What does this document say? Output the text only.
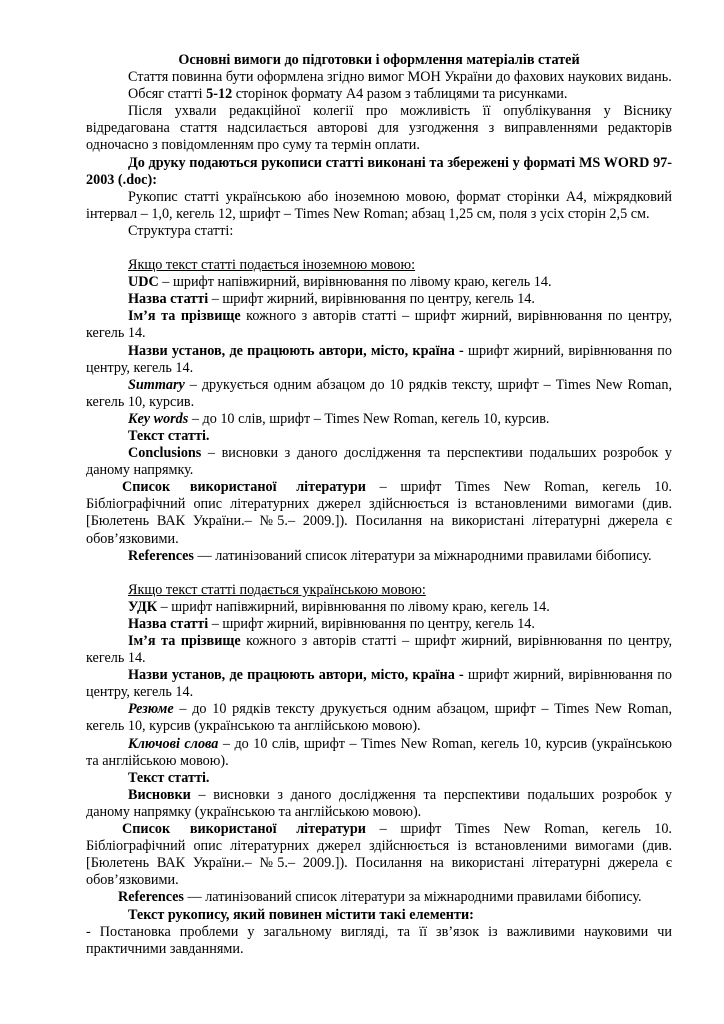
Основні вимоги до підготовки і оформлення матеріалів статей

Стаття повинна бути оформлена згідно вимог МОН України до фахових наукових видань.

Обсяг статті 5-12 сторінок формату А4 разом з таблицями та рисунками.

Після ухвали редакційної колегії про можливість її опублікування у Віснику відредагована стаття надсилається авторові для узгодження з виправленнями редакторів одночасно з повідомленням про суму та термін оплати.

До друку подаються рукописи статті виконані та збережені у форматі MS WORD 97-2003 (.doc):

Рукопис статті українською або іноземною мовою, формат сторінки А4, міжрядковий інтервал – 1,0, кегель 12, шрифт – Times New Roman; абзац 1,25 см, поля з усіх сторін 2,5 см.

Структура статті:

Якщо текст статті подається іноземною мовою:

UDC – шрифт напівжирний, вирівнювання по лівому краю, кегель 14.

Назва статті – шрифт жирний, вирівнювання по центру, кегель 14.

Ім’я та прізвище кожного з авторів статті – шрифт жирний, вирівнювання по центру, кегель 14.

Назви установ, де працюють автори, місто, країна - шрифт жирний, вирівнювання по центру, кегель 14.

Summary – друкується одним абзацом до 10 рядків тексту, шрифт – Times New Roman, кегель 10, курсив.

Key words – до 10 слів, шрифт – Times New Roman, кегель 10, курсив.

Текст статті.

Conclusions – висновки з даного дослідження та перспективи подальших розробок у даному напрямку.

Список використаної літератури – шрифт Times New Roman, кегель 10. Бібліографічний опис літературних джерел здійснюється із встановленими вимогами (див. [Бюлетень ВАК України.– №5.– 2009.]). Посилання на використані літературні джерела є обов’язковими.

References — латинізований список літератури за міжнародними правилами бібопису.

Якщо текст статті подається українською мовою:

УДК – шрифт напівжирний, вирівнювання по лівому краю, кегель 14.

Назва статті – шрифт жирний, вирівнювання по центру, кегель 14.

Ім’я та прізвище кожного з авторів статті – шрифт жирний, вирівнювання по центру, кегель 14.

Назви установ, де працюють автори, місто, країна - шрифт жирний, вирівнювання по центру, кегель 14.

Резюме – до 10 рядків тексту друкується одним абзацом, шрифт – Times New Roman, кегель 10, курсив (українською та англійською мовою).

Ключові слова – до 10 слів, шрифт – Times New Roman, кегель 10, курсив (українською та англійською мовою).

Текст статті.

Висновки – висновки з даного дослідження та перспективи подальших розробок у даному напрямку (українською та англійською мовою).

Список використаної літератури – шрифт Times New Roman, кегель 10. Бібліографічний опис літературних джерел здійснюється із встановленими вимогами (див. [Бюлетень ВАК України.– №5.– 2009.]). Посилання на використані літературні джерела є обов’язковими.

References — латинізований список літератури за міжнародними правилами бібопису.

Текст рукопису, який повинен містити такі елементи:

- Постановка проблеми у загальному вигляді, та її зв’язок із важливими науковими чи практичними завданнями.
